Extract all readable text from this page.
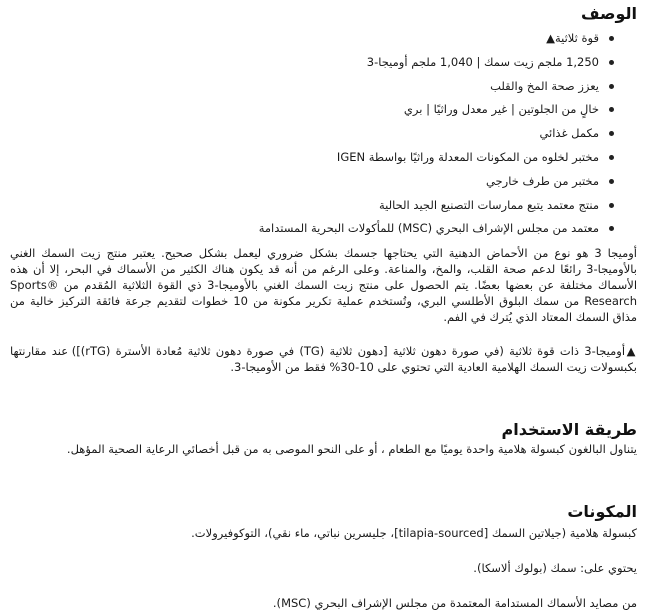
الوصف
قوة ثلاثية▲
1,250 ملجم زيت سمك | 1,040 ملجم أوميجا-3
يعزز صحة المخ والقلب
خالٍ من الجلوتين | غير معدل وراثيًا | بري
مكمل غذائي
مختبر لخلوه من المكونات المعدلة وراثيًا بواسطة IGEN
مختبر من طرف خارجي
منتج معتمد يتبع ممارسات التصنيع الجيد الحالية
معتمد من مجلس الإشراف البحري (MSC) للمأكولات البحرية المستدامة

أوميجا 3 هو نوع من الأحماض الدهنية التي يحتاجها جسمك بشكل ضروري ليعمل بشكل صحيح. يعتبر منتج زيت السمك الغني بالأوميجا-3 رائعًا لدعم صحة القلب، والمخ، والمناعة. وعلى الرغم من أنه قد يكون هناك الكثير من الأسماك في البحر، إلا أن هذه الأسماك مختلفة عن بعضها بعضًا. يتم الحصول على منتج زيت السمك الغني بالأوميجا-3 ذي القوة الثلاثية المُقدم من ®Sports Research من سمك البلوق الأطلسي البري، وتُستخدم عملية تكرير مكونة من 10 خطوات لتقديم جرعة فائقة التركيز خالية من مذاق السمك المعتاد الذي يُترك في الفم.

▲أوميجا-3 ذات قوة ثلاثية (في صورة دهون ثلاثية [دهون ثلاثية (TG) في صورة دهون ثلاثية مُعادة الأسترة (rTG)]) عند مقارنتها بكبسولات زيت السمك الهلامية العادية التي تحتوي على 10-30% فقط من الأوميجا-3.

طريقة الاستخدام

يتناول البالغون كبسولة هلامية واحدة يوميًا مع الطعام ، أو على النحو الموصى به من قبل أخصائي الرعاية الصحية المؤهل.

المكونات

كبسولة هلامية (جيلاتين السمك [tilapia-sourced]، جليسرين نباتي، ماء نقي)، التوكوفيرولات.

يحتوي على: سمك (بولوك ألاسكا).

من مصايد الأسماك المستدامة المعتمدة من مجلس الإشراف البحري (MSC).
